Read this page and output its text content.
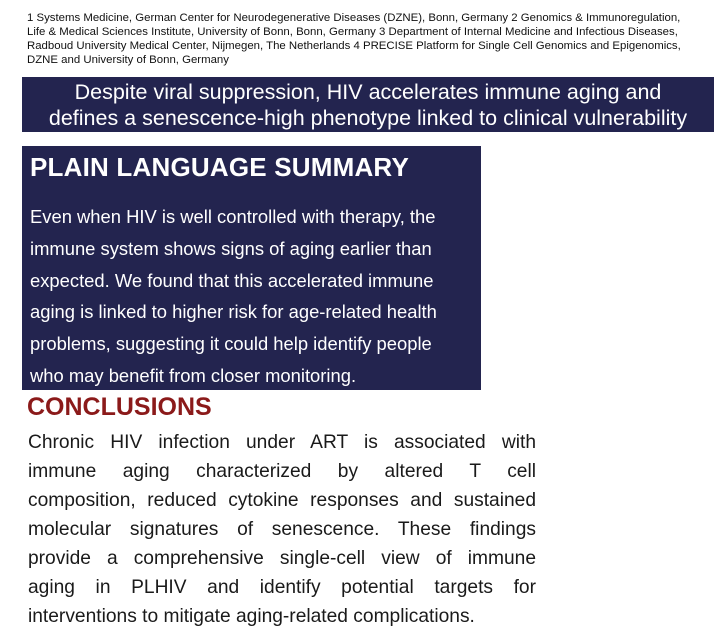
1 Systems Medicine, German Center for Neurodegenerative Diseases (DZNE), Bonn, Germany 2 Genomics & Immunoregulation, Life & Medical Sciences Institute, University of Bonn, Bonn, Germany 3 Department of Internal Medicine and Infectious Diseases, Radboud University Medical Center, Nijmegen, The Netherlands 4 PRECISE Platform for Single Cell Genomics and Epigenomics, DZNE and University of Bonn, Germany
Despite viral suppression, HIV accelerates immune aging and
defines a senescence-high phenotype linked to clinical vulnerability
PLAIN LANGUAGE SUMMARY
Even when HIV is well controlled with therapy, the
immune system shows signs of aging earlier than
expected. We found that this accelerated immune
aging is linked to higher risk for age-related health
problems, suggesting it could help identify people
who may benefit from closer monitoring.
CONCLUSIONS
Chronic HIV infection under ART is associated with
immune aging characterized by altered T cell
composition, reduced cytokine responses and sustained
molecular signatures of senescence. These findings
provide a comprehensive single-cell view of immune
aging in PLHIV and identify potential targets for
interventions to mitigate aging-related complications.
